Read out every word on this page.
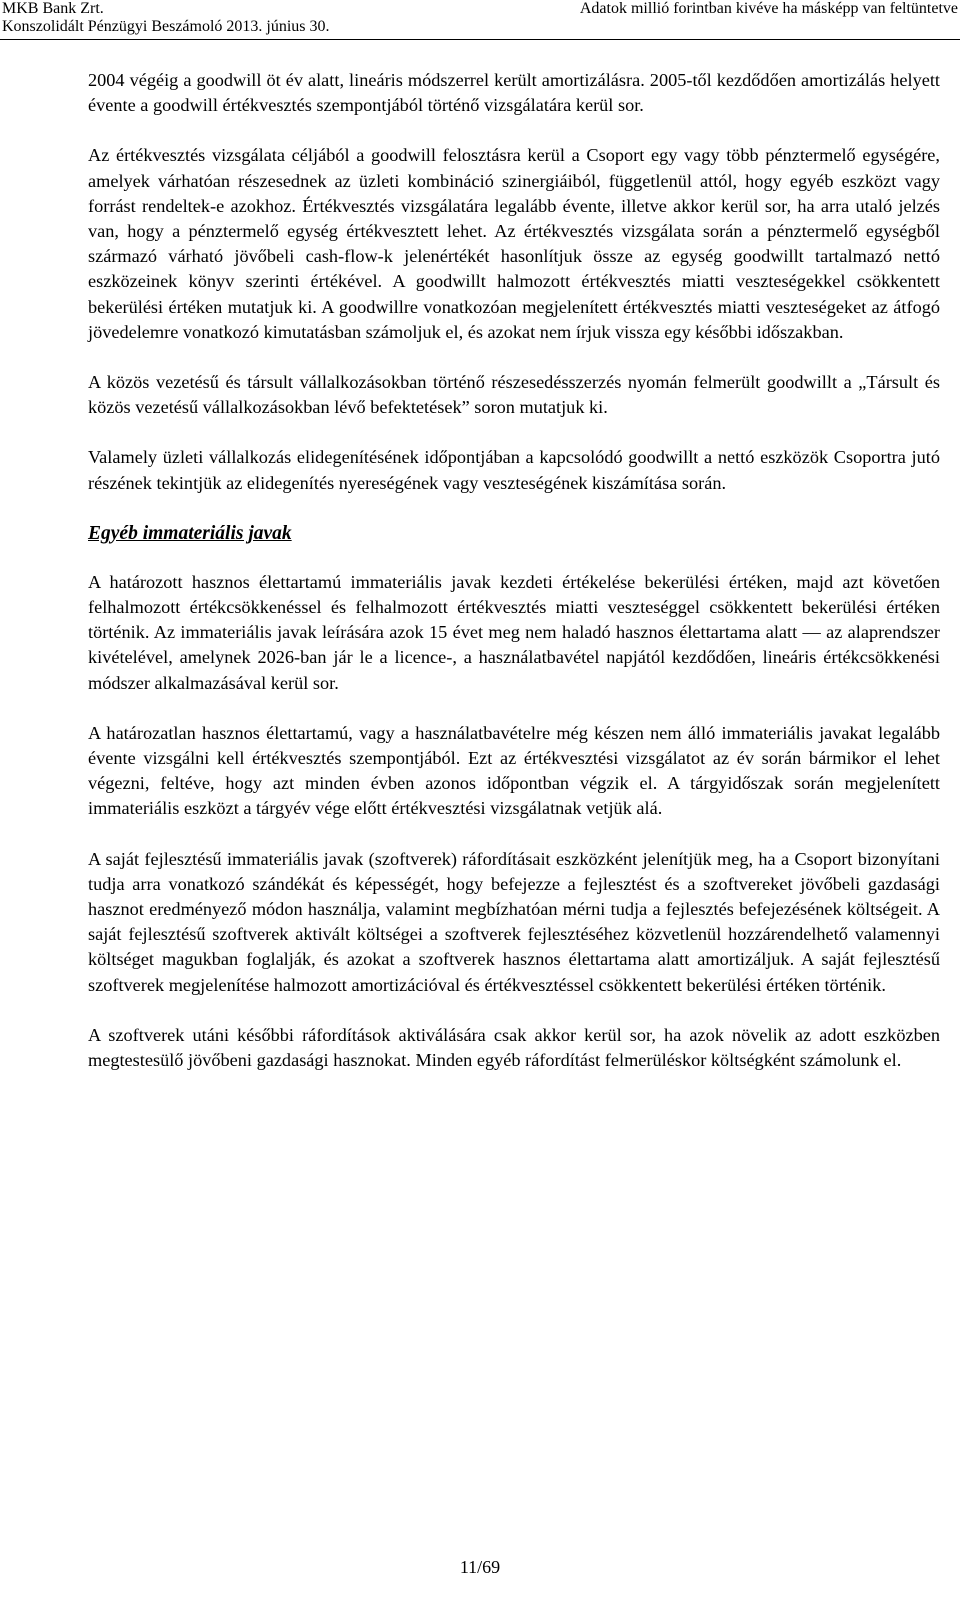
MKB Bank Zrt.
Konszolidált Pénzügyi Beszámoló 2013. június 30.
Adatok millió forintban kivéve ha másképp van feltüntetve

2004 végéig a goodwill öt év alatt, lineáris módszerrel került amortizálásra. 2005-től kezdődően amortizálás helyett évente a goodwill értékvesztés szempontjából történő vizsgálatára kerül sor.

Az értékvesztés vizsgálata céljából a goodwill felosztásra kerül a Csoport egy vagy több pénztermelő egységére, amelyek várhatóan részesednek az üzleti kombináció szinergiáiból, függetlenül attól, hogy egyéb eszközt vagy forrást rendeltek-e azokhoz. Értékvesztés vizsgálatára legalább évente, illetve akkor kerül sor, ha arra utaló jelzés van, hogy a pénztermelő egység értékvesztett lehet. Az értékvesztés vizsgálata során a pénztermelő egységből származó várható jövőbeli cash-flow-k jelenértékét hasonlítjuk össze az egység goodwillt tartalmazó nettó eszközeinek könyv szerinti értékével. A goodwillt halmozott értékvesztés miatti veszteségekkel csökkentett bekerülési értéken mutatjuk ki. A goodwillre vonatkozóan megjelenített értékvesztés miatti veszteségeket az átfogó jövedelemre vonatkozó kimutatásban számoljuk el, és azokat nem írjuk vissza egy későbbi időszakban.

A közös vezetésű és társult vállalkozásokban történő részesedésszerzés nyomán felmerült goodwillt a „Társult és közös vezetésű vállalkozásokban lévő befektetések” soron mutatjuk ki.

Valamely üzleti vállalkozás elidegenítésének időpontjában a kapcsolódó goodwillt a nettó eszközök Csoportra jutó részének tekintjük az elidegenítés nyereségének vagy veszteségének kiszámítása során.

Egyéb immateriális javak

A határozott hasznos élettartamú immateriális javak kezdeti értékelése bekerülési értéken, majd azt követően felhalmozott értékcsökkenéssel és felhalmozott értékvesztés miatti veszteséggel csökkentett bekerülési értéken történik. Az immateriális javak leírására azok 15 évet meg nem haladó hasznos élettartama alatt — az alaprendszer kivételével, amelynek 2026-ban jár le a licence-, a használatbavétel napjától kezdődően, lineáris értékcsökkenési módszer alkalmazásával kerül sor.

A határozatlan hasznos élettartamú, vagy a használatbavételre még készen nem álló immateriális javakat legalább évente vizsgálni kell értékvesztés szempontjából. Ezt az értékvesztési vizsgálatot az év során bármikor el lehet végezni, feltéve, hogy azt minden évben azonos időpontban végzik el. A tárgyidőszak során megjelenített immateriális eszközt a tárgyév vége előtt értékvesztési vizsgálatnak vetjük alá.

A saját fejlesztésű immateriális javak (szoftverek) ráfordításait eszközként jelenítjük meg, ha a Csoport bizonyítani tudja arra vonatkozó szándékát és képességét, hogy befejezze a fejlesztést és a szoftvereket jövőbeli gazdasági hasznot eredményező módon használja, valamint megbízhatóan mérni tudja a fejlesztés befejezésének költségeit. A saját fejlesztésű szoftverek aktivált költségei a szoftverek fejlesztéséhez közvetlenül hozzárendelhető valamennyi költséget magukban foglalják, és azokat a szoftverek hasznos élettartama alatt amortizáljuk. A saját fejlesztésű szoftverek megjelenítése halmozott amortizációval és értékvesztéssel csökkentett bekerülési értéken történik.

A szoftverek utáni későbbi ráfordítások aktiválására csak akkor kerül sor, ha azok növelik az adott eszközben megtestesülő jövőbeni gazdasági hasznokat. Minden egyéb ráfordítást felmerüléskor költségként számolunk el.

11/69
